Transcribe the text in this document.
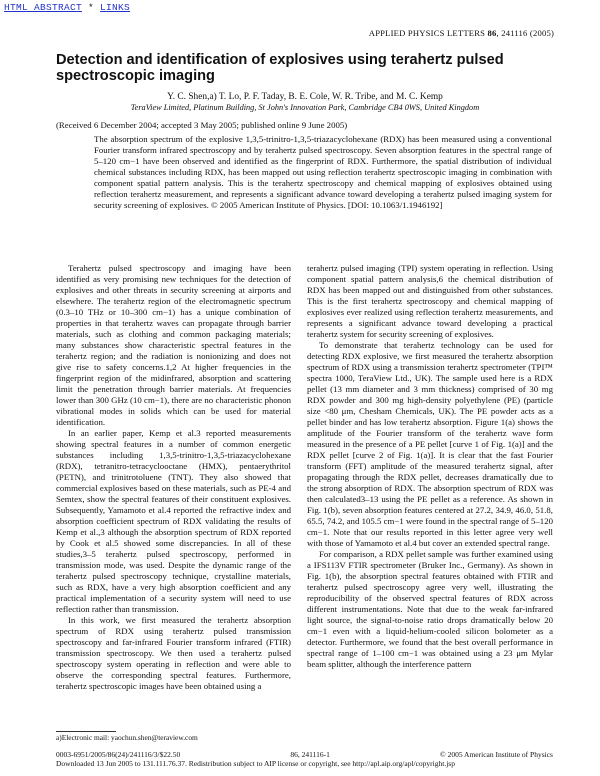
HTML ABSTRACT * LINKS
APPLIED PHYSICS LETTERS 86, 241116 (2005)
Detection and identification of explosives using terahertz pulsed spectroscopic imaging
Y. C. Shen,a) T. Lo, P. F. Taday, B. E. Cole, W. R. Tribe, and M. C. Kemp
TeraView Limited, Platinum Building, St John's Innovation Park, Cambridge CB4 0WS, United Kingdom
(Received 6 December 2004; accepted 3 May 2005; published online 9 June 2005)
The absorption spectrum of the explosive 1,3,5-trinitro-1,3,5-triazacyclohexane (RDX) has been measured using a conventional Fourier transform infrared spectroscopy and by terahertz pulsed spectroscopy. Seven absorption features in the spectral range of 5–120 cm−1 have been observed and identified as the fingerprint of RDX. Furthermore, the spatial distribution of individual chemical substances including RDX, has been mapped out using reflection terahertz spectroscopic imaging in combination with component spatial pattern analysis. This is the terahertz spectroscopy and chemical mapping of explosives obtained using reflection terahertz measurement, and represents a significant advance toward developing a terahertz pulsed imaging system for security screening of explosives. © 2005 American Institute of Physics. [DOI: 10.1063/1.1946192]

Terahertz pulsed spectroscopy and imaging have been identified as very promising new techniques for the detection of explosives and other threats in security screening at airports and elsewhere. The terahertz region of the electromagnetic spectrum (0.3–10 THz or 10–300 cm−1) has a unique combination of properties in that terahertz waves can propagate through barrier materials, such as clothing and common packaging materials; many substances show characteristic spectral features in the terahertz region; and the radiation is nonionizing and does not give rise to safety concerns.1,2 At higher frequencies in the fingerprint region of the midinfrared, absorption and scattering limit the penetration through barrier materials. At frequencies lower than 300 GHz (10 cm−1), there are no characteristic phonon vibrational modes in solids which can be used for material identification.

In an earlier paper, Kemp et al.3 reported measurements showing spectral features in a number of common energetic substances including 1,3,5-trinitro-1,3,5-triazacyclohexane (RDX), tetranitro-tetracyclooctane (HMX), pentaerythritol (PETN), and trinitrotoluene (TNT). They also showed that commercial explosives based on these materials, such as PE-4 and Semtex, show the spectral features of their constituent explosives. Subsequently, Yamamoto et al.4 reported the refractive index and absorption coefficient spectrum of RDX validating the results of Kemp et al.,3 although the absorption spectrum of RDX reported by Cook et al.5 showed some discrepancies. In all of these studies,3–5 terahertz pulsed spectroscopy, performed in transmission mode, was used. Despite the dynamic range of the terahertz pulsed spectroscopy technique, crystalline materials, such as RDX, have a very high absorption coefficient and any practical implementation of a security system will need to use reflection rather than transmission.

In this work, we first measured the terahertz absorption spectrum of RDX using terahertz pulsed transmission spectroscopy and far-infrared Fourier transform infrared (FTIR) transmission spectroscopy. We then used a terahertz pulsed spectroscopy system operating in reflection and were able to observe the corresponding spectral features. Furthermore, terahertz spectroscopic images have been obtained using a

terahertz pulsed imaging (TPI) system operating in reflection. Using component spatial pattern analysis,6 the chemical distribution of RDX has been mapped out and distinguished from other substances. This is the first terahertz spectroscopy and chemical mapping of explosives ever realized using reflection terahertz measurements, and represents a significant advance toward developing a practical terahertz system for security screening of explosives.

To demonstrate that terahertz technology can be used for detecting RDX explosive, we first measured the terahertz absorption spectrum of RDX using a transmission terahertz spectrometer (TPI™ spectra 1000, TeraView Ltd., UK). The sample used here is a RDX pellet (13 mm diameter and 3 mm thickness) comprised of 30 mg RDX powder and 300 mg high-density polyethylene (PE) (particle size <80 μm, Chesham Chemicals, UK). The PE powder acts as a pellet binder and has low terahertz absorption. Figure 1(a) shows the amplitude of the Fourier transform of the terahertz wave form measured in the presence of a PE pellet [curve 1 of Fig. 1(a)] and the RDX pellet [curve 2 of Fig. 1(a)]. It is clear that the fast Fourier transform (FFT) amplitude of the measured terahertz signal, after propagating through the RDX pellet, decreases dramatically due to the strong absorption of RDX. The absorption spectrum of RDX was then calculated3–13 using the PE pellet as a reference. As shown in Fig. 1(b), seven absorption features centered at 27.2, 34.9, 46.0, 51.8, 65.5, 74.2, and 105.5 cm−1 were found in the spectral range of 5–120 cm−1. Note that our results reported in this letter agree very well with those of Yamamoto et al.4 but cover an extended spectral range.

For comparison, a RDX pellet sample was further examined using a IFS113V FTIR spectrometer (Bruker Inc., Germany). As shown in Fig. 1(b), the absorption spectral features obtained with FTIR and terahertz pulsed spectroscopy agree very well, illustrating the reproducibility of the observed spectral features of RDX across different instrumentations. Note that due to the weak far-infrared light source, the signal-to-noise ratio drops dramatically below 20 cm−1 even with a liquid-helium-cooled silicon bolometer as a detector. Furthermore, we found that the best overall performance in spectral range of 1–100 cm−1 was obtained using a 23 μm Mylar beam splitter, although the interference pattern

a)Electronic mail: yaochun.shen@teraview.com
0003-6951/2005/86(24)/241116/3/$22.50	86, 241116-1	© 2005 American Institute of Physics
Downloaded 13 Jun 2005 to 131.111.76.37. Redistribution subject to AIP license or copyright, see http://apl.aip.org/apl/copyright.jsp
